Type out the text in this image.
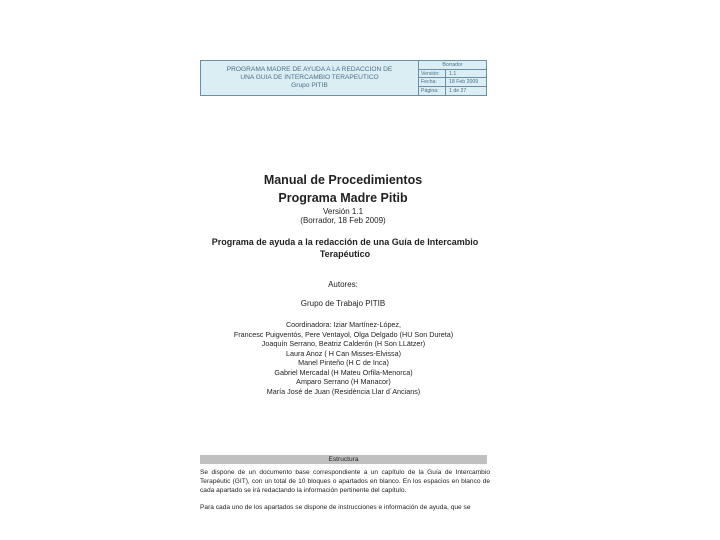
PROGRAMA MADRE DE AYUDA A LA REDACCION DE
UNA GUIA DE INTERCAMBIO TERAPEUTICO
Grupo PITIB
Borrador
Versión:	1.1
Fecha:	18 Feb 2009
Página:	1 de 27
Manual de Procedimientos
Programa Madre Pitib
Versión 1.1
(Borrador, 18 Feb 2009)
Programa de ayuda a la redacción de una Guía de Intercambio
Terapéutico
Autores:
Grupo de Trabajo PITIB
Coordinadora: Iziar Martínez-López,
Francesc Puigventós, Pere Ventayol, Olga Delgado (HU Son Dureta)
Joaquín Serrano, Beatriz Calderón (H Son LLätzer)
Laura Anoz ( H Can Misses-Elvissa)
Manel Pinteño (H C de Inca)
Gabriel Mercadal (H Mateu Orfila-Menorca)
Amparo Serrano (H Manacor)
María José de Juan (Residència Llar d´Ancians)
Estructura

Se dispone de un documento base correspondiente a un capítulo de la Guía de Intercambio Terapéutic (GIT), con un total de 10 bloques o apartados en blanco. En los espacios en blanco de cada apartado se irá redactando la información pertinente del capítulo.

Para cada uno de los apartados se dispone de instrucciones e información de ayuda, que se
